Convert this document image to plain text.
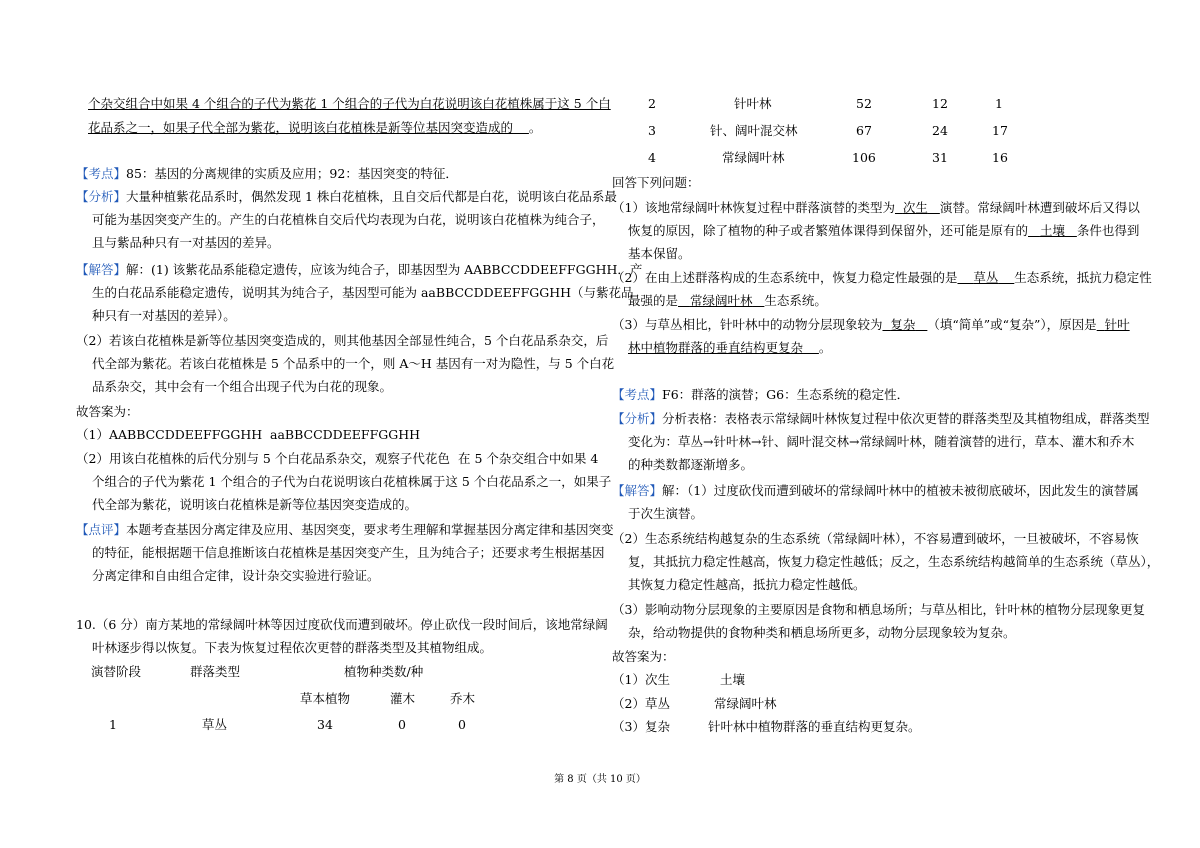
个杂交组合中如果 4 个组合的子代为紫花 1 个组合的子代为白花说明该白花植株属于这 5 个白
花品系之一，如果子代全部为紫花，说明该白花植株是新等位基因突变造成的 。
【考点】85：基因的分离规律的实质及应用；92：基因突变的特征．
【分析】大量种植紫花品系时，偶然发现 1 株白花植株，且自交后代都是白花，说明该白花品系最
可能为基因突变产生的。产生的白花植株自交后代均表现为白花，说明该白花植株为纯合子，
且与紫品种只有一对基因的差异。
【解答】解：(1) 该紫花品系能稳定遗传，应该为纯合子，即基因型为 AABBCCDDEEFFGGHH．产
生的白花品系能稳定遗传，说明其为纯合子，基因型可能为 aaBBCCDDEEFFGGHH（与紫花品
种只有一对基因的差异）。
（2）若该白花植株是新等位基因突变造成的，则其他基因全部显性纯合，5 个白花品系杂交，后
代全部为紫花。若该白花植株是 5 个品系中的一个，则 A～H 基因有一对为隐性，与 5 个白花
品系杂交，其中会有一个组合出现子代为白花的现象。
故答案为：
（1）AABBCCDDEEFFGGHH aaBBCCDDEEFFGGHH
（2）用该白花植株的后代分别与 5 个白花品系杂交，观察子代花色 在 5 个杂交组合中如果 4
个组合的子代为紫花 1 个组合的子代为白花说明该白花植株属于这 5 个白花品系之一，如果子
代全部为紫花，说明该白花植株是新等位基因突变造成的。
【点评】本题考查基因分离定律及应用、基因突变，要求考生理解和掌握基因分离定律和基因突变
的特征，能根据题干信息推断该白花植株是基因突变产生，且为纯合子；还要求考生根据基因
分离定律和自由组合定律，设计杂交实验进行验证。
10.（6 分）南方某地的常绿阔叶林等因过度砍伐而遭到破坏。停止砍伐一段时间后，该地常绿阔
叶林逐步得以恢复。下表为恢复过程依次更替的群落类型及其植物组成。
演替阶段	群落类型	植物种类数/种
草本植物	灌木	乔木
1	草丛	34	0	0
2	针叶林	52	12	1
3	针、阔叶混交林	67	24	17
4	常绿阔叶林	106	31	16
回答下列问题：
（1）该地常绿阔叶林恢复过程中群落演替的类型为 次生 演替。常绿阔叶林遭到破坏后又得以
恢复的原因，除了植物的种子或者繁殖体课得到保留外，还可能是原有的 土壤 条件也得到
基本保留。
（2）在由上述群落构成的生态系统中，恢复力稳定性最强的是 草丛 生态系统，抵抗力稳定性
最强的是 常绿阔叶林 生态系统。
（3）与草丛相比，针叶林中的动物分层现象较为 复杂 （填“简单”或“复杂”），原因是 针叶
林中植物群落的垂直结构更复杂 。
【考点】F6：群落的演替；G6：生态系统的稳定性．
【分析】分析表格：表格表示常绿阔叶林恢复过程中依次更替的群落类型及其植物组成，群落类型
变化为：草丛→针叶林→针、阔叶混交林→常绿阔叶林，随着演替的进行，草本、灌木和乔木
的种类数都逐渐增多。
【解答】解：（1）过度砍伐而遭到破坏的常绿阔叶林中的植被未被彻底破坏，因此发生的演替属
于次生演替。
（2）生态系统结构越复杂的生态系统（常绿阔叶林），不容易遭到破坏，一旦被破坏，不容易恢
复，其抵抗力稳定性越高，恢复力稳定性越低；反之，生态系统结构越简单的生态系统（草丛），
其恢复力稳定性越高，抵抗力稳定性越低。
（3）影响动物分层现象的主要原因是食物和栖息场所；与草丛相比，针叶林的植物分层现象更复
杂，给动物提供的食物种类和栖息场所更多，动物分层现象较为复杂。
故答案为：
（1）次生	土壤
（2）草丛	常绿阔叶林
（3）复杂	针叶林中植物群落的垂直结构更复杂。
第 8 页（共 10 页）
